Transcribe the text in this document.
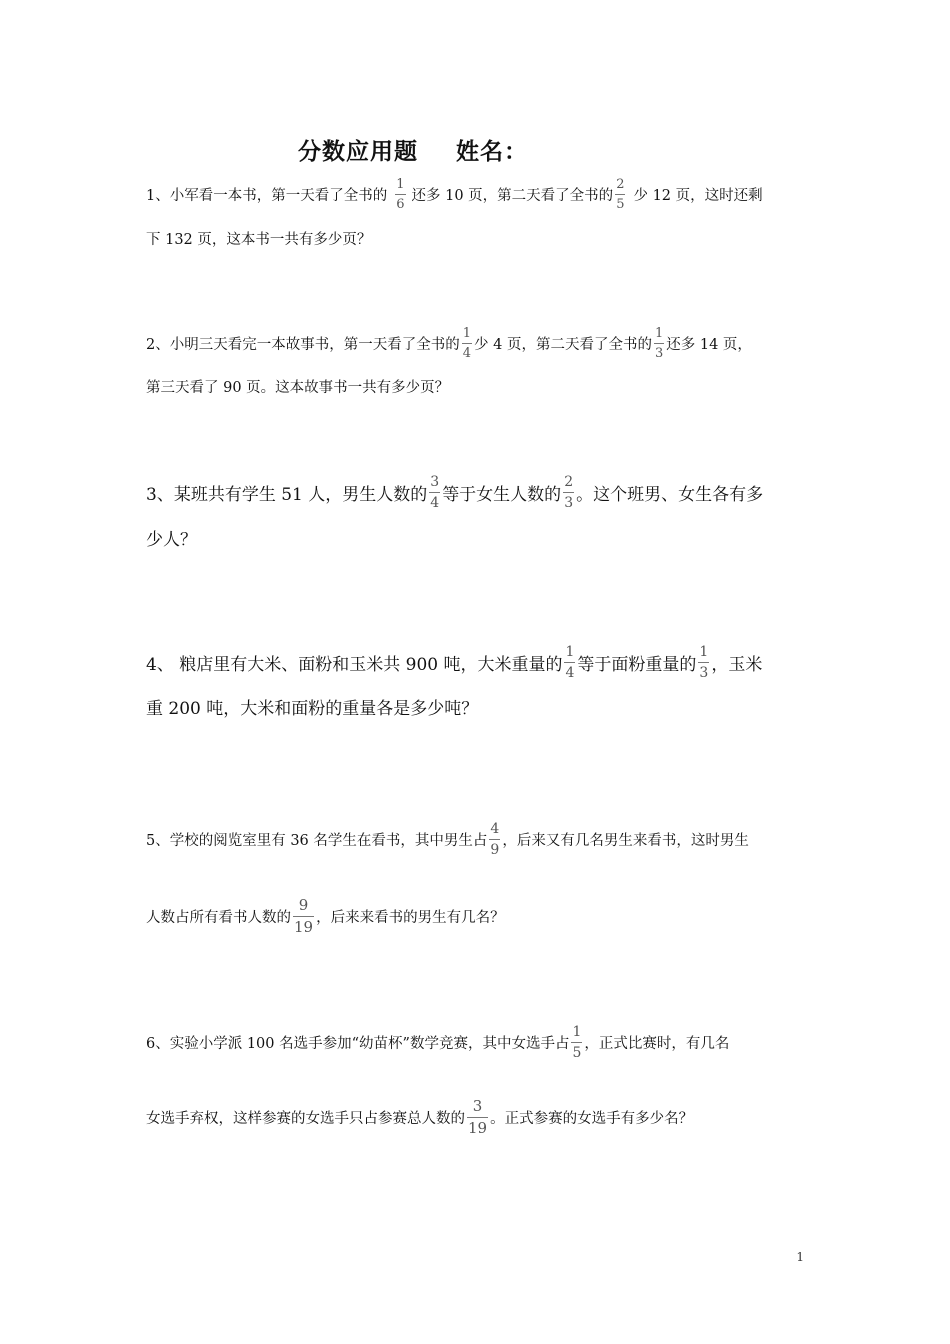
分数应用题 姓名：
1、小军看一本书，第一天看了全书的 $\frac{1}{6}$ 还多 10 页，第二天看了全书的 $\frac{2}{5}$ 少 12 页，这时还剩
下 132 页，这本书一共有多少页？
2、小明三天看完一本故事书，第一天看了全书的 $\frac{1}{4}$ 少 4 页，第二天看了全书的 $\frac{1}{3}$ 还多 14 页，
第三天看了 90 页。这本故事书一共有多少页？
3、某班共有学生 51 人，男生人数的 $\frac{3}{4}$ 等于女生人数的 $\frac{2}{3}$ 。这个班男、女生各有多
少人？
4、 粮店里有大米、面粉和玉米共 900 吨，大米重量的 $\frac{1}{4}$ 等于面粉重量的 $\frac{1}{3}$ ，玉米
重 200 吨，大米和面粉的重量各是多少吨？
5、学校的阅览室里有 36 名学生在看书，其中男生占 $\frac{4}{9}$ ，后来又有几名男生来看书，这时男生
人数占所有看书人数的 $\frac{9}{19}$ ，后来来看书的男生有几名？
6、实验小学派 100 名选手参加“幼苗杯”数学竞赛，其中女选手占 $\frac{1}{5}$ ，正式比赛时，有几名
女选手弃权，这样参赛的女选手只占参赛总人数的 $\frac{3}{19}$ 。正式参赛的女选手有多少名？
1
